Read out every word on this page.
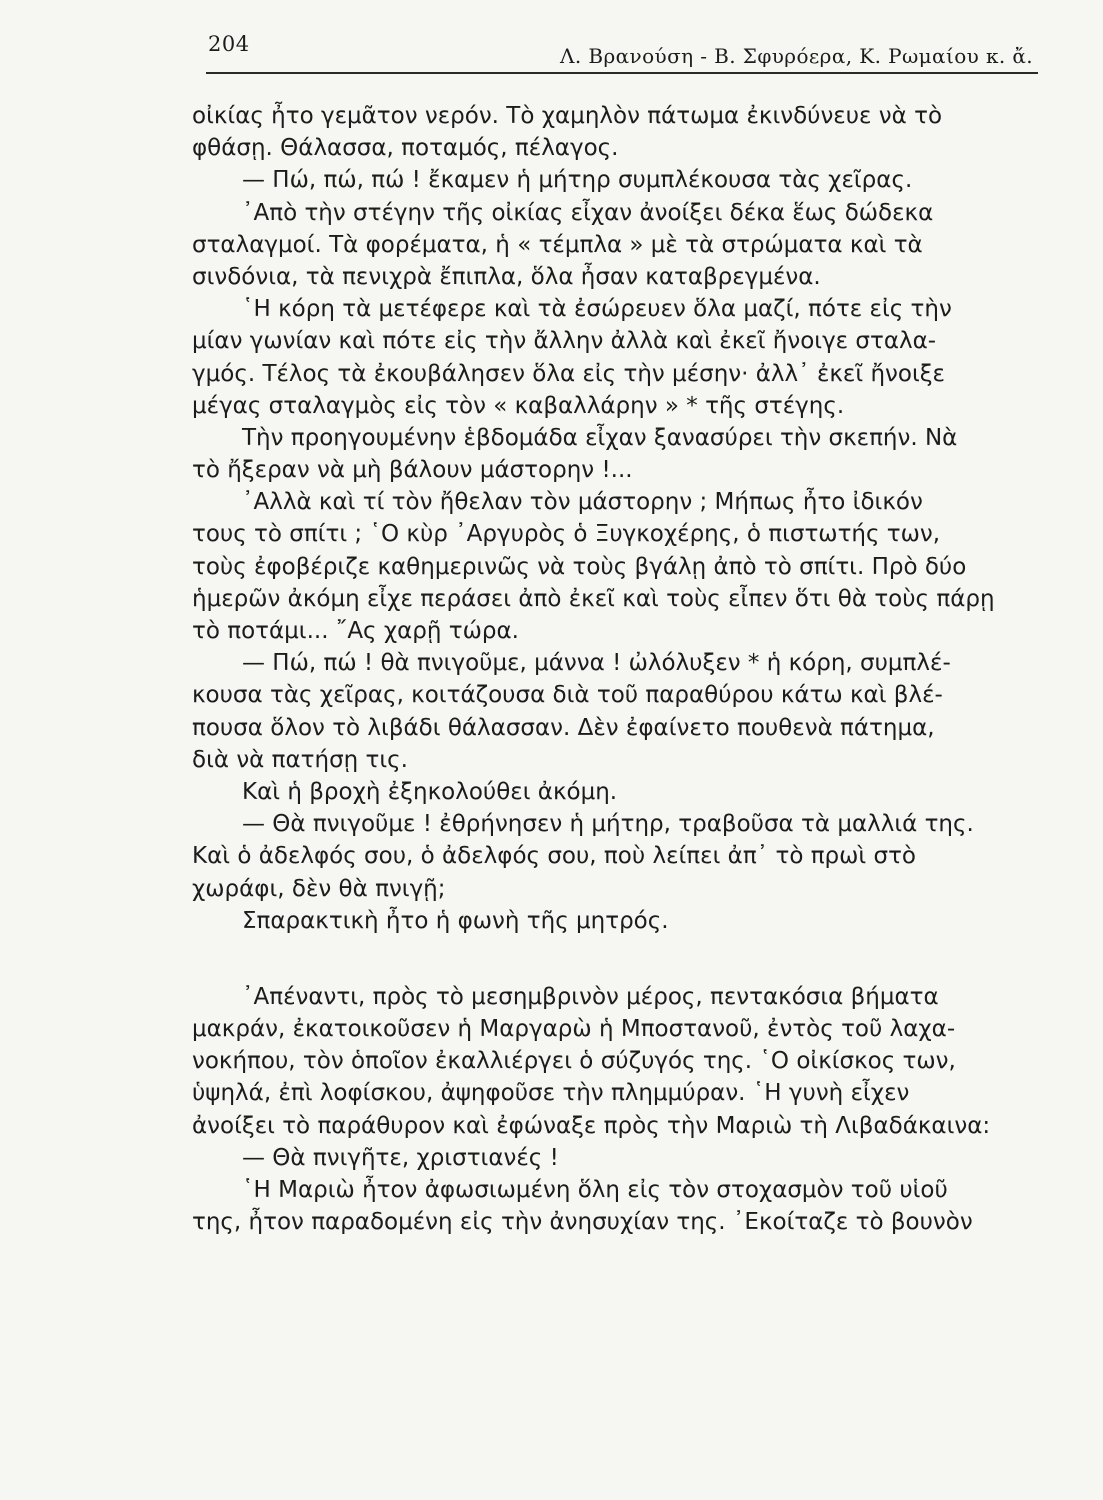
204	Λ. Βρανούση - Β. Σφυρόερα, Κ. Ρωμαίου κ. ἄ.
οἰκίας ἦτο γεμᾶτον νερόν. Τὸ χαμηλὸν πάτωμα ἐκινδύνευε νὰ τὸ
φθάσῃ. Θάλασσα, ποταμός, πέλαγος.
— Πώ, πώ, πώ ! ἔκαμεν ἡ μήτηρ συμπλέκουσα τὰς χεῖρας.
᾿Απὸ τὴν στέγην τῆς οἰκίας εἶχαν ἀνοίξει δέκα ἕως δώδεκα
σταλαγμοί. Τὰ φορέματα, ἡ « τέμπλα » μὲ τὰ στρώματα καὶ τὰ
σινδόνια, τὰ πενιχρὰ ἔπιπλα, ὅλα ἦσαν καταβρεγμένα.
῾Η κόρη τὰ μετέφερε καὶ τὰ ἐσώρευεν ὅλα μαζί, πότε εἰς τὴν
μίαν γωνίαν καὶ πότε εἰς τὴν ἄλλην ἀλλὰ καὶ ἐκεῖ ἤνοιγε σταλα-
γμός. Τέλος τὰ ἐκουβάλησεν ὅλα εἰς τὴν μέσην· ἀλλ᾿ ἐκεῖ ἤνοιξε
μέγας σταλαγμὸς εἰς τὸν « καβαλλάρην » * τῆς στέγης.
Τὴν προηγουμένην ἑβδομάδα εἶχαν ξανασύρει τὴν σκεπήν. Νὰ
τὸ ἤξεραν νὰ μὴ βάλουν μάστορην !...
᾿Αλλὰ καὶ τί τὸν ἤθελαν τὸν μάστορην ; Μήπως ἦτο ἰδικόν
τους τὸ σπίτι ; ῾Ο κὺρ ᾿Αργυρὸς ὁ Ξυγκοχέρης, ὁ πιστωτής των,
τοὺς ἐφοβέριζε καθημερινῶς νὰ τοὺς βγάλῃ ἀπὸ τὸ σπίτι. Πρὸ δύο
ἡμερῶν ἀκόμη εἶχε περάσει ἀπὸ ἐκεῖ καὶ τοὺς εἶπεν ὅτι θὰ τοὺς πάρῃ
τὸ ποτάμι... ῎Ας χαρῇ τώρα.
— Πώ, πώ ! θὰ πνιγοῦμε, μάννα ! ὠλόλυξεν * ἡ κόρη, συμπλέ-
κουσα τὰς χεῖρας, κοιτάζουσα διὰ τοῦ παραθύρου κάτω καὶ βλέ-
πουσα ὅλον τὸ λιβάδι θάλασσαν. Δὲν ἐφαίνετο πουθενὰ πάτημα,
διὰ νὰ πατήσῃ τις.
Καὶ ἡ βροχὴ ἐξηκολούθει ἀκόμη.
— Θὰ πνιγοῦμε ! ἐθρήνησεν ἡ μήτηρ, τραβοῦσα τὰ μαλλιά της.
Καὶ ὁ ἀδελφός σου, ὁ ἀδελφός σου, ποὺ λείπει ἀπ᾿ τὸ πρωὶ στὸ
χωράφι, δὲν θὰ πνιγῇ;
Σπαρακτικὴ ἦτο ἡ φωνὴ τῆς μητρός.
᾿Απέναντι, πρὸς τὸ μεσημβρινὸν μέρος, πεντακόσια βήματα
μακράν, ἐκατοικοῦσεν ἡ Μαργαρὼ ἡ Μποστανοῦ, ἐντὸς τοῦ λαχα-
νοκήπου, τὸν ὁποῖον ἐκαλλιέργει ὁ σύζυγός της. ῾Ο οἰκίσκος των,
ὑψηλά, ἐπὶ λοφίσκου, ἀψηφοῦσε τὴν πλημμύραν. ῾Η γυνὴ εἶχεν
ἀνοίξει τὸ παράθυρον καὶ ἐφώναξε πρὸς τὴν Μαριὼ τὴ Λιβαδάκαινα:
— Θὰ πνιγῆτε, χριστιανές !
῾Η Μαριὼ ἦτον ἀφωσιωμένη ὅλη εἰς τὸν στοχασμὸν τοῦ υἱοῦ
της, ἦτον παραδομένη εἰς τὴν ἀνησυχίαν της. ᾿Εκοίταζε τὸ βουνὸν
